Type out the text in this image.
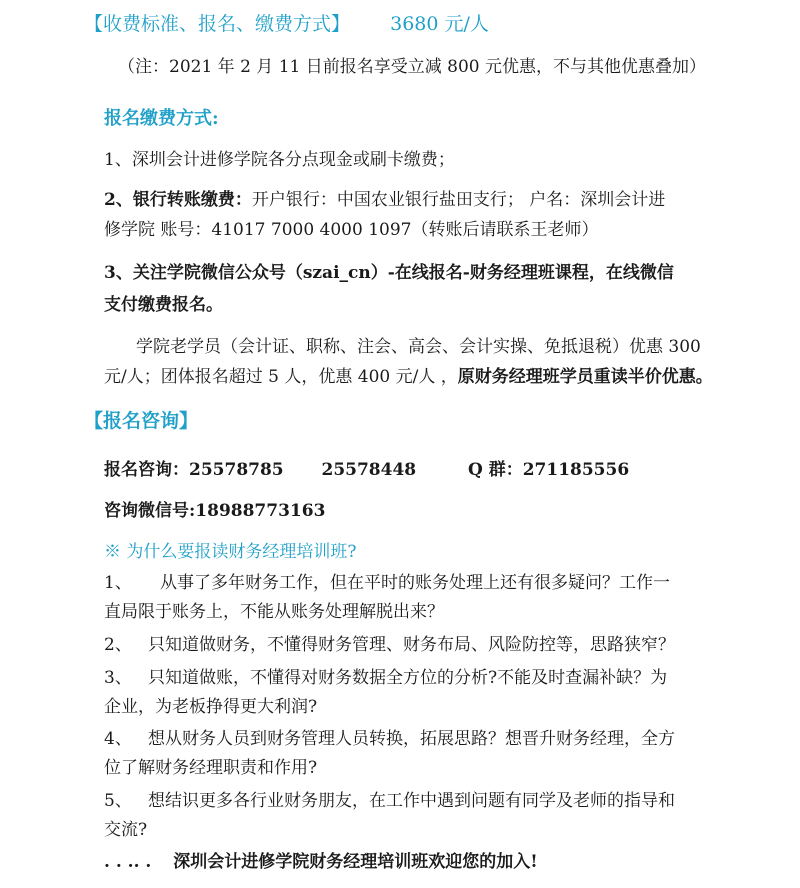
【收费标准、报名、缴费方式】 3680 元/人
（注：2021 年 2 月 11 日前报名享受立减 800 元优惠，不与其他优惠叠加）
报名缴费方式:
1、深圳会计进修学院各分点现金或刷卡缴费；
2、银行转账缴费：开户银行：中国农业银行盐田支行； 户名：深圳会计进
修学院 账号：41017 7000 4000 1097（转账后请联系王老师）
3、关注学院微信公众号（szai_cn）-在线报名-财务经理班课程，在线微信
支付缴费报名。
学院老学员（会计证、职称、注会、高会、会计实操、免抵退税）优惠 300
元/人；团体报名超过 5 人，优惠 400 元/人 ，原财务经理班学员重读半价优惠。
【报名咨询】
报名咨询：25578785 25578448	Q 群：271185556
咨询微信号:18988773163
※ 为什么要报读财务经理培训班?
1、 从事了多年财务工作，但在平时的账务处理上还有很多疑问？工作一
直局限于账务上，不能从账务处理解脱出来？
2、 只知道做财务，不懂得财务管理、财务布局、风险防控等，思路狭窄？
3、 只知道做账，不懂得对财务数据全方位的分析?不能及时查漏补缺？为
企业，为老板挣得更大利润?
4、 想从财务人员到财务管理人员转换，拓展思路？想晋升财务经理，全方
位了解财务经理职责和作用?
5、 想结识更多各行业财务朋友，在工作中遇到问题有同学及老师的指导和
交流?
. . .. . 深圳会计进修学院财务经理培训班欢迎您的加入!
